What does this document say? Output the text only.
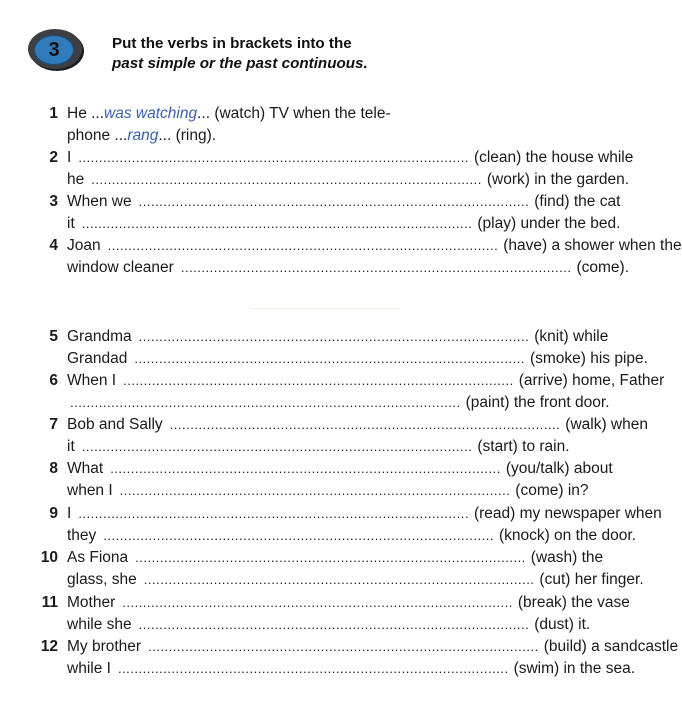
3	Put the verbs in brackets into the
past simple or the past continuous.
1 He ... was watching ... (watch) TV when the tele-
phone ... rang ... (ring).
2 I ............................................................................................... (clean) the house while
he ............................................................................................... (work) in the garden.
3 When we ............................................................................................... (find) the cat
it ............................................................................................... (play) under the bed.
4 Joan ............................................................................................... (have) a shower when the
window cleaner ............................................................................................... (come).
5 Grandma ............................................................................................... (knit) while
Grandad ............................................................................................... (smoke) his pipe.
6 When I ............................................................................................... (arrive) home, Father
............................................................................................... (paint) the front door.
7 Bob and Sally ............................................................................................... (walk) when
it ............................................................................................... (start) to rain.
8 What ............................................................................................... (you/talk) about
when I ............................................................................................... (come) in?
9 I ............................................................................................... (read) my newspaper when
they ............................................................................................... (knock) on the door.
10 As Fiona ............................................................................................... (wash) the
glass, she ............................................................................................... (cut) her finger.
11 Mother ............................................................................................... (break) the vase
while she ............................................................................................... (dust) it.
12 My brother ............................................................................................... (build) a sandcastle
while I ............................................................................................... (swim) in the sea.
